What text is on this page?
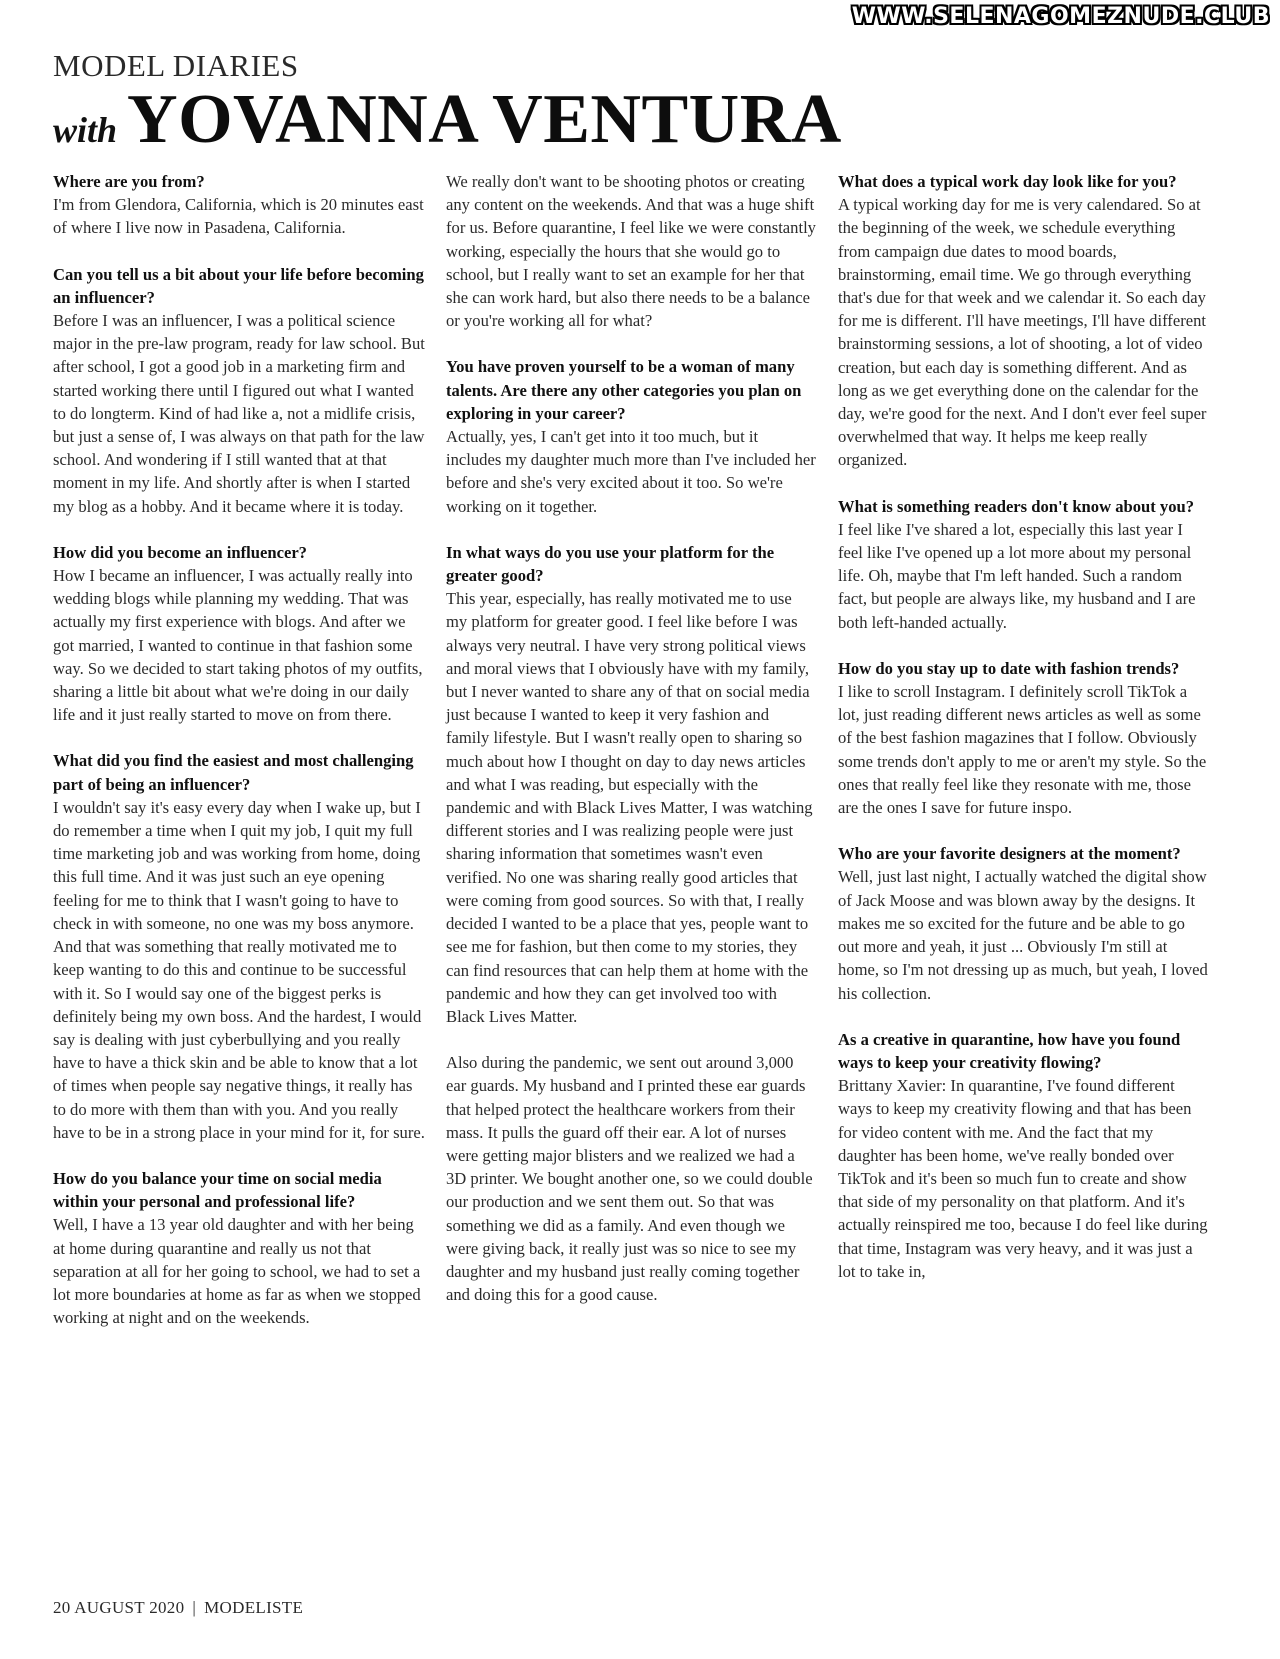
WWW.SELENAGOMEZNUDE.CLUB
MODEL DIARIES
with YOVANNA VENTURA
Where are you from?
I'm from Glendora, California, which is 20 minutes east of where I live now in Pasadena, California.
Can you tell us a bit about your life before becoming an influencer?
Before I was an influencer, I was a political science major in the pre-law program, ready for law school. But after school, I got a good job in a marketing firm and started working there until I figured out what I wanted to do longterm. Kind of had like a, not a midlife crisis, but just a sense of, I was always on that path for the law school. And wondering if I still wanted that at that moment in my life. And shortly after is when I started my blog as a hobby. And it became where it is today.
How did you become an influencer?
How I became an influencer, I was actually really into wedding blogs while planning my wedding. That was actually my first experience with blogs. And after we got married, I wanted to continue in that fashion some way. So we decided to start taking photos of my outfits, sharing a little bit about what we're doing in our daily life and it just really started to move on from there.
What did you find the easiest and most challenging part of being an influencer?
I wouldn't say it's easy every day when I wake up, but I do remember a time when I quit my job, I quit my full time marketing job and was working from home, doing this full time. And it was just such an eye opening feeling for me to think that I wasn't going to have to check in with someone, no one was my boss anymore. And that was something that really motivated me to keep wanting to do this and continue to be successful with it. So I would say one of the biggest perks is definitely being my own boss. And the hardest, I would say is dealing with just cyberbullying and you really have to have a thick skin and be able to know that a lot of times when people say negative things, it really has to do more with them than with you. And you really have to be in a strong place in your mind for it, for sure.
How do you balance your time on social media within your personal and professional life?
Well, I have a 13 year old daughter and with her being at home during quarantine and really us not that separation at all for her going to school, we had to set a lot more boundaries at home as far as when we stopped working at night and on the weekends.
We really don't want to be shooting photos or creating any content on the weekends. And that was a huge shift for us. Before quarantine, I feel like we were constantly working, especially the hours that she would go to school, but I really want to set an example for her that she can work hard, but also there needs to be a balance or you're working all for what?
You have proven yourself to be a woman of many talents. Are there any other categories you plan on exploring in your career?
Actually, yes, I can't get into it too much, but it includes my daughter much more than I've included her before and she's very excited about it too. So we're working on it together.
In what ways do you use your platform for the greater good?
This year, especially, has really motivated me to use my platform for greater good. I feel like before I was always very neutral. I have very strong political views and moral views that I obviously have with my family, but I never wanted to share any of that on social media just because I wanted to keep it very fashion and family lifestyle. But I wasn't really open to sharing so much about how I thought on day to day news articles and what I was reading, but especially with the pandemic and with Black Lives Matter, I was watching different stories and I was realizing people were just sharing information that sometimes wasn't even verified. No one was sharing really good articles that were coming from good sources. So with that, I really decided I wanted to be a place that yes, people want to see me for fashion, but then come to my stories, they can find resources that can help them at home with the pandemic and how they can get involved too with Black Lives Matter.
Also during the pandemic, we sent out around 3,000 ear guards. My husband and I printed these ear guards that helped protect the healthcare workers from their mass. It pulls the guard off their ear. A lot of nurses were getting major blisters and we realized we had a 3D printer. We bought another one, so we could double our production and we sent them out. So that was something we did as a family. And even though we were giving back, it really just was so nice to see my daughter and my husband just really coming together and doing this for a good cause.
What does a typical work day look like for you?
A typical working day for me is very calendared. So at the beginning of the week, we schedule everything from campaign due dates to mood boards, brainstorming, email time. We go through everything that's due for that week and we calendar it. So each day for me is different. I'll have meetings, I'll have different brainstorming sessions, a lot of shooting, a lot of video creation, but each day is something different. And as long as we get everything done on the calendar for the day, we're good for the next. And I don't ever feel super overwhelmed that way. It helps me keep really organized.
What is something readers don't know about you?
I feel like I've shared a lot, especially this last year I feel like I've opened up a lot more about my personal life. Oh, maybe that I'm left handed. Such a random fact, but people are always like, my husband and I are both left-handed actually.
How do you stay up to date with fashion trends?
I like to scroll Instagram. I definitely scroll TikTok a lot, just reading different news articles as well as some of the best fashion magazines that I follow. Obviously some trends don't apply to me or aren't my style. So the ones that really feel like they resonate with me, those are the ones I save for future inspo.
Who are your favorite designers at the moment?
Well, just last night, I actually watched the digital show of Jack Moose and was blown away by the designs. It makes me so excited for the future and be able to go out more and yeah, it just ... Obviously I'm still at home, so I'm not dressing up as much, but yeah, I loved his collection.
As a creative in quarantine, how have you found ways to keep your creativity flowing?
Brittany Xavier: In quarantine, I've found different ways to keep my creativity flowing and that has been for video content with me. And the fact that my daughter has been home, we've really bonded over TikTok and it's been so much fun to create and show that side of my personality on that platform. And it's actually reinspired me too, because I do feel like during that time, Instagram was very heavy, and it was just a lot to take in,
20 AUGUST 2020 | MODELISTE
